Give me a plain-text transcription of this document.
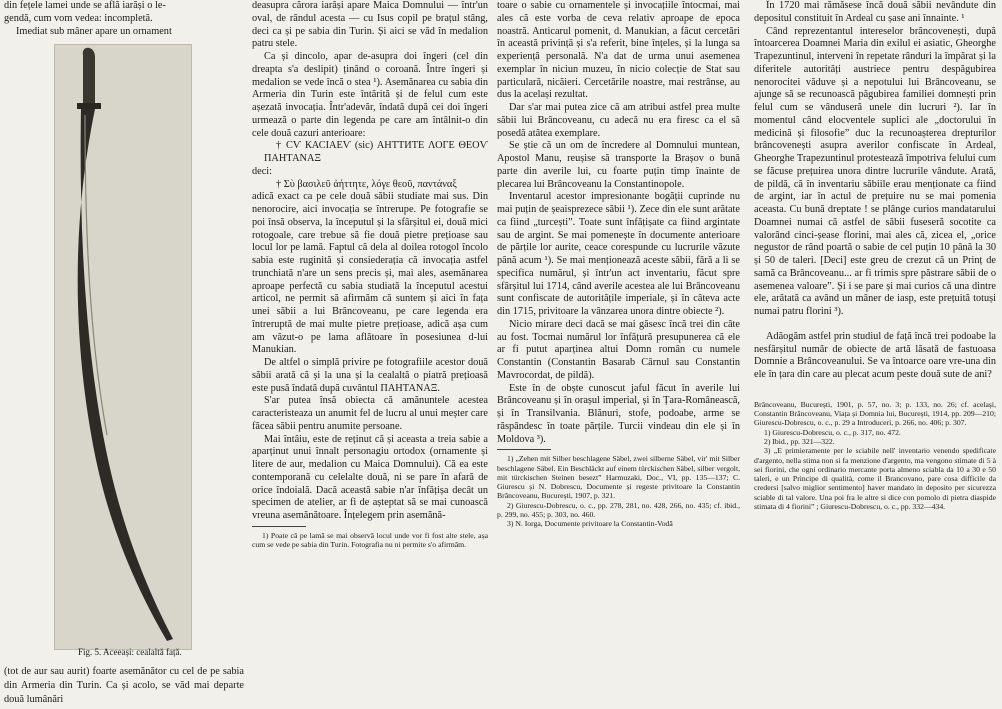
din fețele lamei unde se află iarăși o le-

gendă, cum vom vedea: incompletă.

Imediat sub mâner apare un ornament

Fig. 5. Aceeași: cealaltă față.

(tot de aur sau aurit) foarte asemănător cu cel de pe sabia din Armeria din Turin. Ca și acolo, se văd mai departe două lumânări

deasupra cărora iarăși apare Maica Domnului — într'un oval, de rândul acesta — cu Isus copil pe brațul stâng, deci ca și pe sabia din Turin. Și aici se văd în medalion patru stele.

Ca și dincolo, apar de-asupra doi îngeri (cel din dreapta s'a deslipit) ținând o coroană. Între îngeri și medalion se vede încă o stea ¹). Asemănarea cu sabia din Armeria din Turin este întărită și de felul cum este așezată invocația. Într'adevăr, îndată după cei doi îngeri urmează o parte din legenda pe care am întâlnit-o din cele două cazuri anterioare:

† СѴ КАСІАЕѴ (sic) АНТТИТЕ ΛΟΓΕ ΘΕΟѴ ПАНТАNАΞ

deci:

† Σὺ βασιλεῦ ἀήττητε, λόγε θεοῦ, παντάναξ

adică exact ca pe cele două săbii studiate mai sus. Din nenorocire, aici invocația se întrerupe. Pe fotografie se poi însă observa, la începutul și la sfârșitul ei, două mici rotogoale, care trebue să fie două pietre prețioase sau locul lor pe lamă. Faptul că dela al doilea rotogol încolo sabia este ruginită și consiederația că invocația astfel trunchiată n'are un sens precis și, mai ales, asemănarea aproape perfectă cu sabia studiată la începutul acestui articol, ne permit să afirmăm că suntem și aici în fața unei săbii a lui Brâncoveanu, pe care legenda era întreruptă de mai multe pietre prețioase, adică așa cum am văzut-o pe lama aflătoare în posesiunea d-lui Manukian.

De altfel o simplă privire pe fotografiile acestor două săbii arată că și la una și la cealaltă o piatră prețioasă este pusă îndată după cuvântul ПАНТАNАΞ.

S'ar putea însă obiecta că amănuntele acestea caracteristeaza un anumit fel de lucru al unui meșter care făcea săbii pentru anumite persoane.

Mai întâiu, este de reținut că și aceasta a treia sabie a aparținut unui înnalt personagiu ortodox (ornamente și litere de aur, medalion cu Maica Domnului). Că ea este contemporană cu celelalte două, ni se pare în afară de orice îndoială. Dacă aceastâ sabie n'ar înfățișa decât un specimen de atelier, ar fi de așteptat să se mai cunoască vreuna asemănătoare. Înțelegem prin asemănă-

1) Poate că pe lamă se mai observă locul unde vor fi fost alte stele, așa cum se vede pe sabia din Turin. Fotografia nu ni permite s'o afirmăm.

toare o sabie cu ornamentele și invocațiile întocmai, mai ales că este vorba de ceva relativ aproape de epoca noastră. Anticarul pomenit, d. Manukian, a făcut cercetări în această privință și s'a referit, bine înțeles, și la lunga sa experiență personală. N'a dat de urma unui asemenea exemplar în niciun muzeu, în nicio colecție de Stat sau particulară, nicăieri. Cercetările noastre, mai restrânse, au dus la același rezultat.

Dar s'ar mai putea zice că am atribui astfel prea multe săbii lui Brâncoveanu, cu adecă nu era firesc ca el să posedă atâtea exemplare.

Se știe că un om de încredere al Domnului muntean, Apostol Manu, reușise să transporte la Brașov o bună parte din averile lui, cu foarte puțin timp înainte de plecarea lui Brâncoveanu la Constantinopole.

Inventarul acestor impresionante bogății cuprinde nu mai puțin de șeaisprezece săbii ¹). Zece din ele sunt arătate ca fiind „turcești”. Toate sunt înfățișate ca fiind argintate sau de argint. Se mai pomenește în documente anterioare de părțile lor aurite, ceace corespunde cu lucrurile văzute până acum ¹). Se mai menționează aceste săbii, fără a li se specifica numărul, și într'un act inventariu, făcut spre sfârșitul lui 1714, când averile acestea ale lui Brâncoveanu sunt confiscate de autoritățile imperiale, și în câteva acte din 1715, privitoare la vânzarea unora dintre obiecte ²).

Nicio mirare deci dacă se mai găsesc încă trei din câte au fost. Tocmai numărul lor înfățură presupunerea că ele ar fi putut aparținea altui Domn român cu numele Constantin (Constantin Basarab Cârnul sau Constantin Mavrocordat, de pildă).

Este în de obște cunoscut jaful făcut în averile lui Brâncoveanu și în orașul imperial, și în Țara-Românească, și în Transilvania. Blănuri, stofe, podoabe, arme se răspândesc în toate părțile. Turcii vindeau din ele și în Moldova ³).

1) „Zehen mit Silber beschlagene Säbel, zwei silberne Säbel, vir' mit Silber beschlagene Säbel. Ein Beschläckt auf einem türckischen Säbel, silber vergolt, mit türckischen Steinen besezt” Harmuzaki, Doc., VI, pp. 135—137; C. Giurescu și N. Dobrescu, Documente și regeste privitoare la Constantin Brâncoveanu, București, 1907, p. 321.

2) Giurescu-Dobrescu, o. c., pp. 278, 281, no. 428, 266, no. 435; cf. ibid., p. 299, no. 455; p. 303, no. 460.

3) N. Iorga, Documente privitoare la Constantin-Vodă

În 1720 mai rămăsese încă două săbii nevândute din depositul constituit în Ardeal cu șase ani înnainte. ¹

Când reprezentantul intereselor brâncovenești, după întoarcerea Doamnei Maria din exilul ei asiatic, Gheorghe Trapezuntinul, intervenì în repetate rânduri la împărat și la diferitele autorități austriece pentru despăgubirea nenorocitei văduve și a nepotului lui Brâncoveanu, se ajunge să se recunoască păgubirea familiei domnești prin felul cum se vânduseră unele din lucruri ²). Iar în momentul când elocventele suplici ale „doctorului în medicină și filosofie” duc la recunoașterea drepturilor brâncovenești asupra averilor confiscate în Ardeal, Gheorghe Trapezuntinul protestează împotriva felului cum se făcuse prețuirea unora dintre lucrurile vândute. Arată, de pildă, că în inventariu săbiile erau menționate ca fiind de argint, iar în actul de prețuire nu se mai pomenia aceasta. Cu bună dreptate ! se plânge curios mandatarului Doamnei numai că astfel de săbii fuseseră socotite ca valorând cinci-șease florini, mai ales că, zicea el, „orice negustor de rând poartă o sabie de cel puțin 10 până la 30 și 50 de taleri. [Deci] este greu de crezut că un Prinț de samă ca Brâncoveanu... ar fi trimis spre păstrare săbii de o asemenea valoare”. Și i se pare și mai curios că una dintre ele, arătată ca având un mâner de iasp, este prețuită totuși numai patru florini ³).

Adăogăm astfel prin studiul de față încă trei podoabe la nesfârșitul număr de obiecte de artă lăsată de fastuoasa Domnie a Brâncoveanului. Se va întoarce oare vre-una din ele în țara din care au plecat acum peste două sute de ani?

Brâncoveanu, București, 1901, p. 57, no. 3; p. 133, no. 26; cf. același, Constantin Brâncoveanu, Viața și Domnia lui, București, 1914, pp. 209—210; Giurescu-Dobrescu, o. c., p. 29 a Introduceri, p. 266, no. 406; p. 307.

1) Giurescu-Dobrescu, o. c., p. 317, no. 472.

2) Ibid., pp. 321—322.

3) „E primieramente per le sciabile nell' inventario venendo spedificate d'argento, nella stima non si fa menzione d'argento, ma vengono stimate di 5 à sei fiorini, che ogni ordinario mercante porta almeno sciabla da 10 a 30 e 50 taleri, e un Principe di qualità, come il Brancovano, pare cosa difficile da credersi [salvo miglior sentimento] haver mandato in deposito per sicurezza sciable di tal valore. Una poi fra le altre si dice con pomolo di pietra diaspide stimata di 4 fiorini” ; Giurescu-Dobrescu, o. c., pp. 332—434.
